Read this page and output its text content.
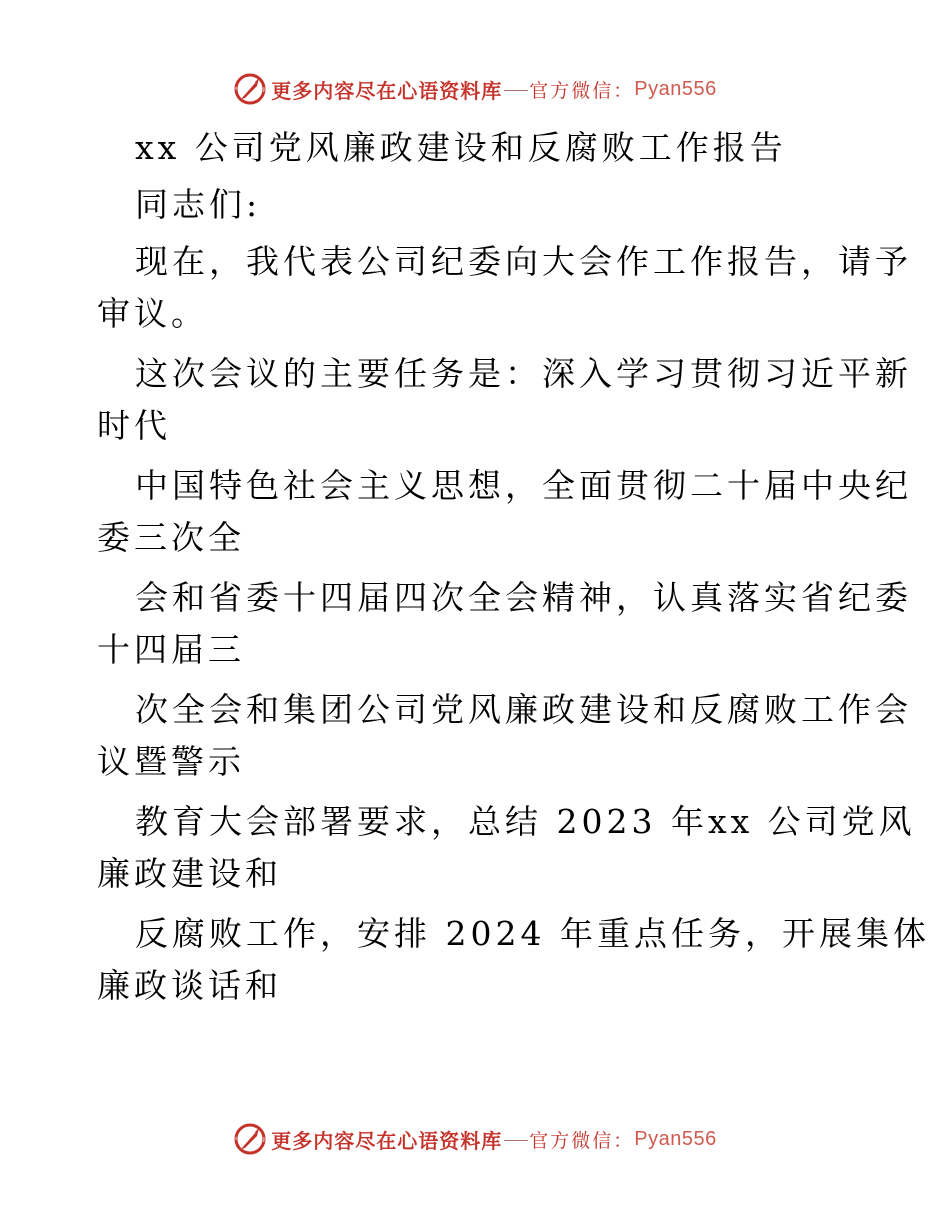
更多内容尽在心语资料库 官方微信： Pyan556

xx 公司党风廉政建设和反腐败工作报告

同志们:

现在，我代表公司纪委向大会作工作报告，请予
审议。

这次会议的主要任务是：深入学习贯彻习近平新
时代

中国特色社会主义思想，全面贯彻二十届中央纪
委三次全

会和省委十四届四次全会精神，认真落实省纪委
十四届三

次全会和集团公司党风廉政建设和反腐败工作会
议暨警示

教育大会部署要求，总结 2023 年xx 公司党风
廉政建设和

反腐败工作，安排 2024 年重点任务，开展集体
廉政谈话和

更多内容尽在心语资料库 官方微信： Pyan556
